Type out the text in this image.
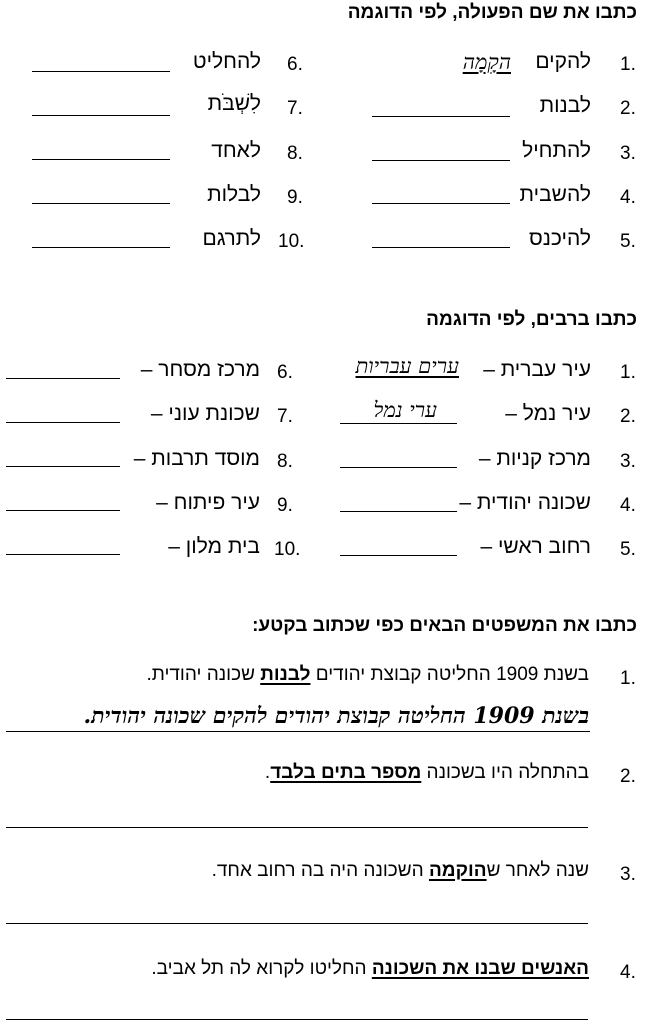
כתבו את שם הפעולה, לפי הדוגמה
1.
להקים
הקָמָה
2.
לבנות
3.
להתחיל
4.
להשבית
5.
להיכנס
6.
להחליט
7.
לִשְׁבֹּת
8.
לאחד
9.
לבלות
10.
לתרגם
כתבו ברבים, לפי הדוגמה
1.
עיר עברית –
ערים עבריות
2.
עיר נמל –
ערי נמל
3.
מרכז קניות –
4.
שכונה יהודית –
5.
רחוב ראשי –
6.
מרכז מסחר –
7.
שכונת עוני –
8.
מוסד תרבות –
9.
עיר פיתוח –
10.
בית מלון –
כתבו את המשפטים הבאים כפי שכתוב בקטע:
1.
בשנת 1909 החליטה קבוצת יהודים לבנות שכונה יהודית.
בשנת 1909 החליטה קבוצת יהודים להקים שכונה יהודית.
2.
בהתחלה היו בשכונה מספר בתים בלבד.
3.
שנה לאחר שהוקמה השכונה היה בה רחוב אחד.
4.
האנשים שבנו את השכונה החליטו לקרוא לה תל אביב.
